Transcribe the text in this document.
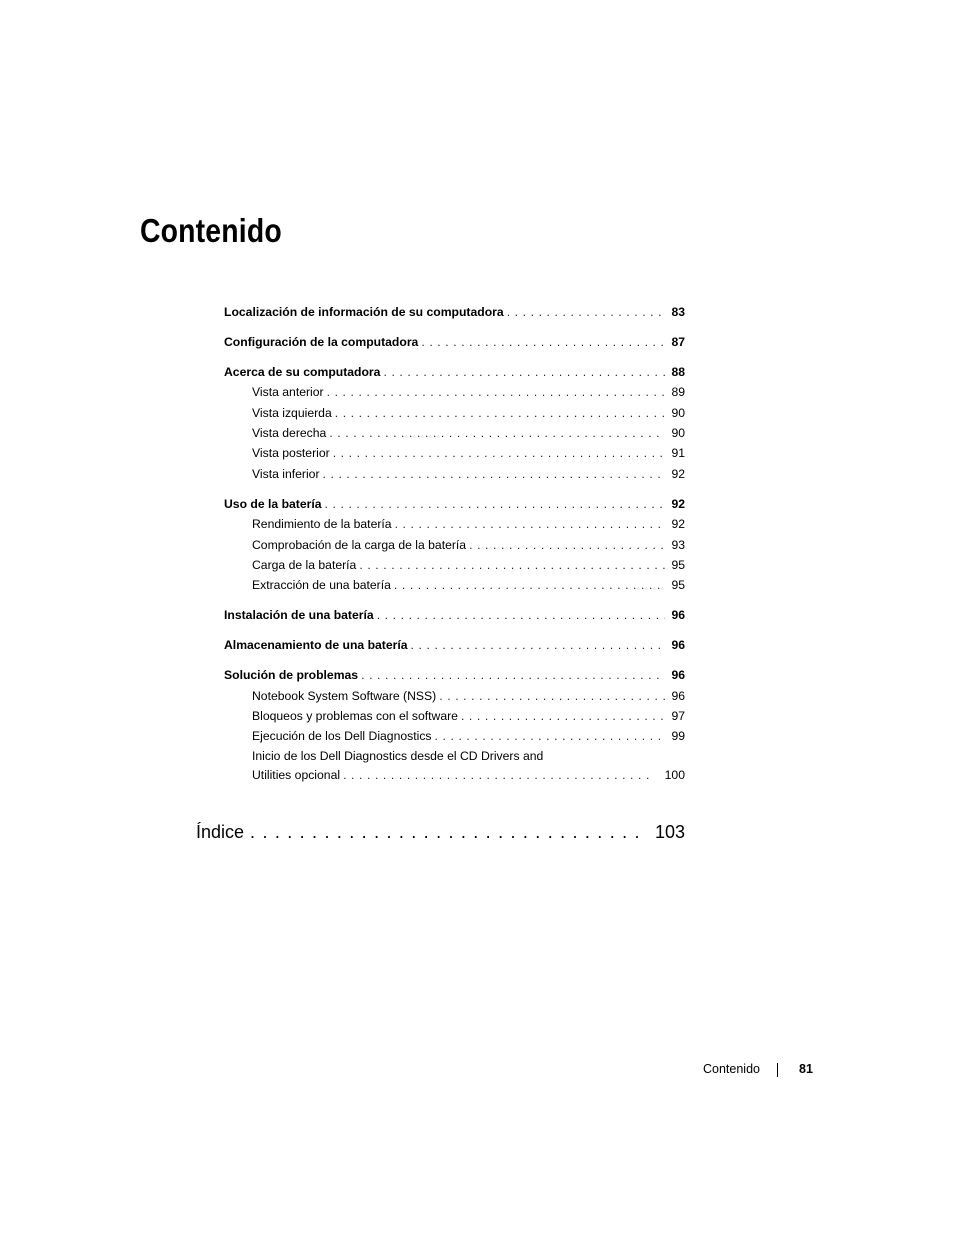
Contenido
Localización de información de su computadora . . .	83
Configuración de la computadora . . .	87
Acerca de su computadora . . .	88
Vista anterior . . .	89
Vista izquierda . . .	90
Vista derecha . . .	90
Vista posterior . . .	91
Vista inferior . . .	92
Uso de la batería . . .	92
Rendimiento de la batería . . .	92
Comprobación de la carga de la batería . . .	93
Carga de la batería . . .	95
Extracción de una batería . . .	95
Instalación de una batería . . .	96
Almacenamiento de una batería . . .	96
Solución de problemas . . .	96
Notebook System Software (NSS) . . .	96
Bloqueos y problemas con el software . . .	97
Ejecución de los Dell Diagnostics . . .	99
Inicio de los Dell Diagnostics desde el CD Drivers and
Utilities opcional . . .	100
Índice . . .	103
Contenido	81
